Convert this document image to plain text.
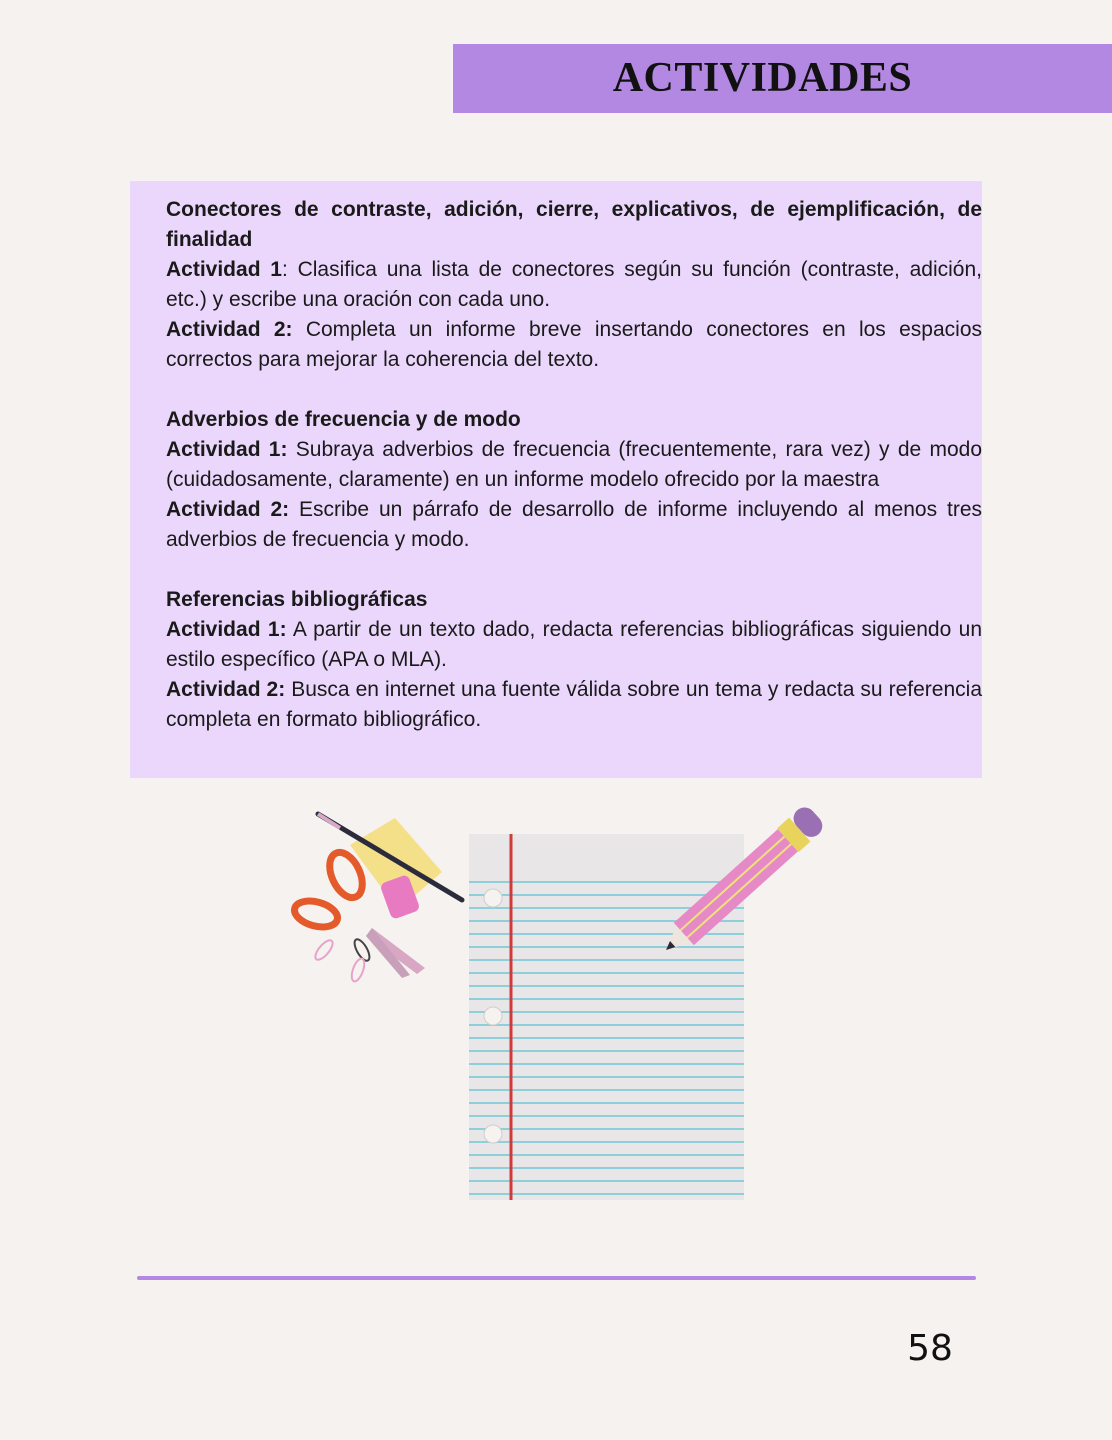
ACTIVIDADES
Conectores de contraste, adición, cierre, explicativos, de ejemplificación, de finalidad
Actividad 1: Clasifica una lista de conectores según su función (contraste, adición, etc.) y escribe una oración con cada uno.
Actividad 2: Completa un informe breve insertando conectores en los espacios correctos para mejorar la coherencia del texto.
Adverbios de frecuencia y de modo
Actividad 1: Subraya adverbios de frecuencia (frecuentemente, rara vez) y de modo (cuidadosamente, claramente) en un informe modelo ofrecido por la maestra
Actividad 2: Escribe un párrafo de desarrollo de informe incluyendo al menos tres adverbios de frecuencia y modo.
Referencias bibliográficas
Actividad 1: A partir de un texto dado, redacta referencias bibliográficas siguiendo un estilo específico (APA o MLA).
Actividad 2: Busca en internet una fuente válida sobre un tema y redacta su referencia completa en formato bibliográfico.
58
